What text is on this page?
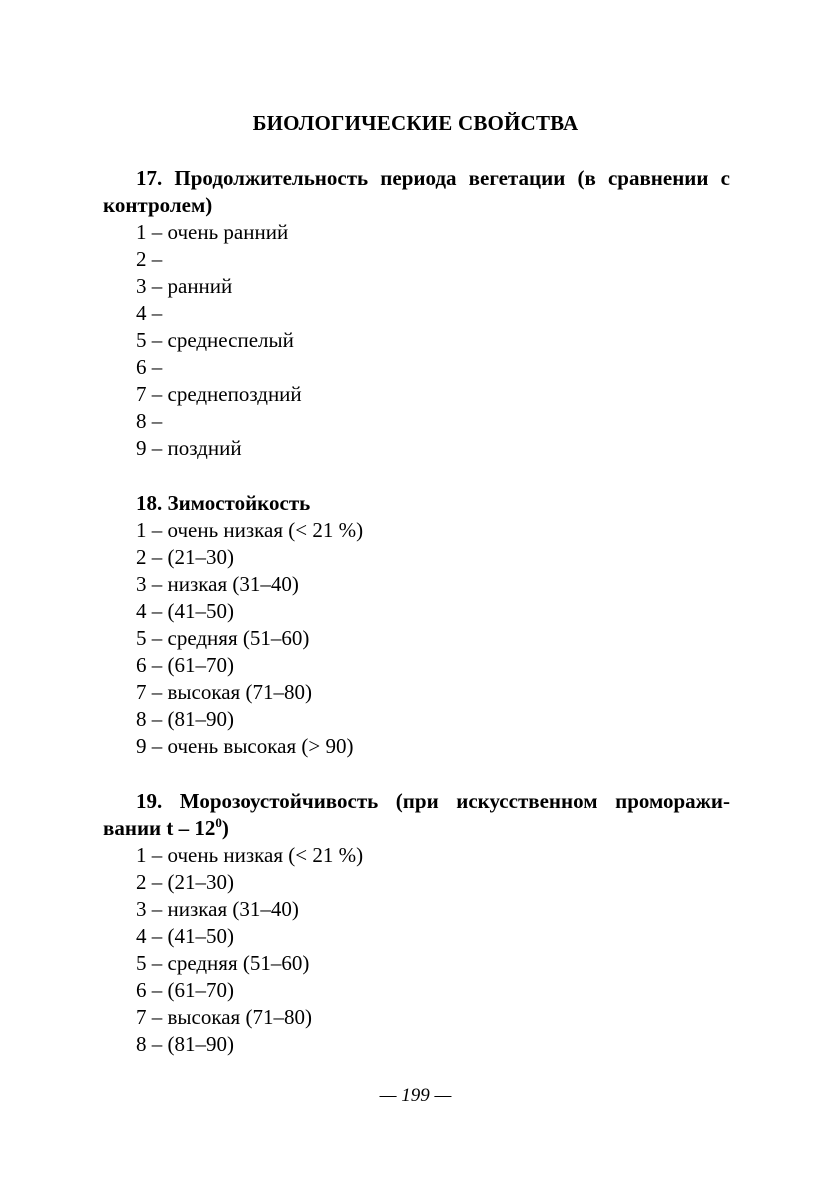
БИОЛОГИЧЕСКИЕ СВОЙСТВА

17. Продолжительность периода вегетации (в сравнении с контролем)

1 – очень ранний
2 –
3 – ранний
4 –
5 – среднеспелый
6 –
7 – среднепоздний
8 –
9 – поздний

18. Зимостойкость

1 – очень низкая (< 21 %)
2 – (21–30)
3 – низкая (31–40)
4 – (41–50)
5 – средняя (51–60)
6 – (61–70)
7 – высокая (71–80)
8 – (81–90)
9 – очень высокая (> 90)

19. Морозоустойчивость (при искусственном проморажи-вании t – $12^0$)

1 – очень низкая (< 21 %)
2 – (21–30)
3 – низкая (31–40)
4 – (41–50)
5 – средняя (51–60)
6 – (61–70)
7 – высокая (71–80)
8 – (81–90)
— 199 —
